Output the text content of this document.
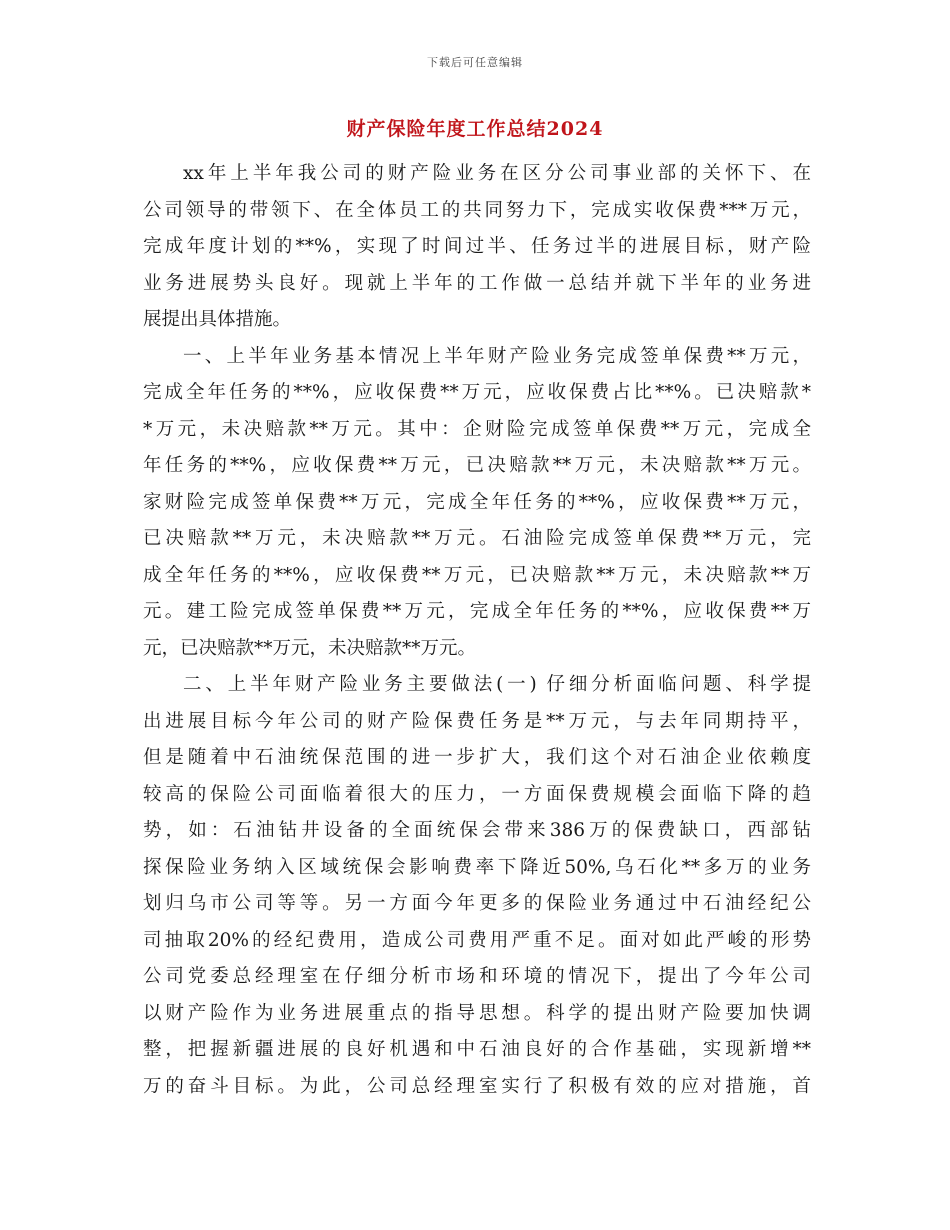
下载后可任意编辑
财产保险年度工作总结2024
xx年上半年我公司的财产险业务在区分公司事业部的关怀下、在
公司领导的带领下、在全体员工的共同努力下，完成实收保费***万元，
完成年度计划的**%，实现了时间过半、任务过半的进展目标，财产险
业务进展势头良好。现就上半年的工作做一总结并就下半年的业务进
展提出具体措施。
一、上半年业务基本情况上半年财产险业务完成签单保费**万元，
完成全年任务的**%，应收保费**万元，应收保费占比**%。已决赔款*
*万元，未决赔款**万元。其中：企财险完成签单保费**万元，完成全
年任务的**%，应收保费**万元，已决赔款**万元，未决赔款**万元。
家财险完成签单保费**万元，完成全年任务的**%，应收保费**万元，
已决赔款**万元，未决赔款**万元。石油险完成签单保费**万元，完
成全年任务的**%，应收保费**万元，已决赔款**万元，未决赔款**万
元。建工险完成签单保费**万元，完成全年任务的**%，应收保费**万
元，已决赔款**万元，未决赔款**万元。
二、上半年财产险业务主要做法(一) 仔细分析面临问题、科学提
出进展目标今年公司的财产险保费任务是**万元，与去年同期持平，
但是随着中石油统保范围的进一步扩大，我们这个对石油企业依赖度
较高的保险公司面临着很大的压力，一方面保费规模会面临下降的趋
势，如：石油钻井设备的全面统保会带来386万的保费缺口，西部钻
探保险业务纳入区域统保会影响费率下降近50%,乌石化**多万的业务
划归乌市公司等等。另一方面今年更多的保险业务通过中石油经纪公
司抽取20%的经纪费用，造成公司费用严重不足。面对如此严峻的形势
公司党委总经理室在仔细分析市场和环境的情况下，提出了今年公司
以财产险作为业务进展重点的指导思想。科学的提出财产险要加快调
整，把握新疆进展的良好机遇和中石油良好的合作基础，实现新增**
万的奋斗目标。为此，公司总经理室实行了积极有效的应对措施，首
